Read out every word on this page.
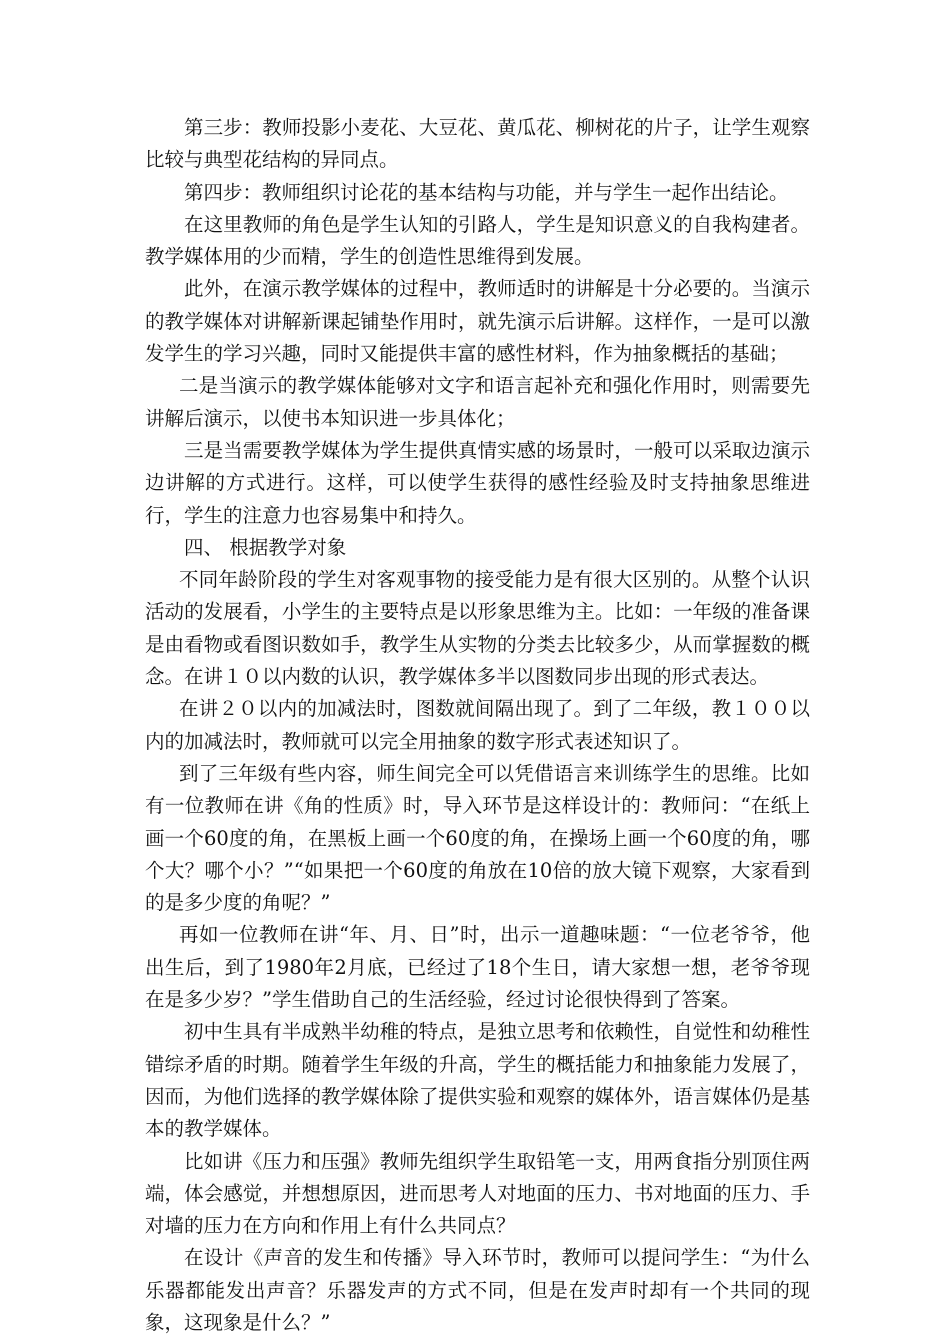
第三步：教师投影小麦花、大豆花、黄瓜花、柳树花的片子，让学生观察比较与典型花结构的异同点。

第四步：教师组织讨论花的基本结构与功能，并与学生一起作出结论。

在这里教师的角色是学生认知的引路人，学生是知识意义的自我构建者。教学媒体用的少而精，学生的创造性思维得到发展。

此外，在演示教学媒体的过程中，教师适时的讲解是十分必要的。当演示的教学媒体对讲解新课起铺垫作用时，就先演示后讲解。这样作，一是可以激发学生的学习兴趣，同时又能提供丰富的感性材料，作为抽象概括的基础；

二是当演示的教学媒体能够对文字和语言起补充和强化作用时，则需要先讲解后演示，以使书本知识进一步具体化；

三是当需要教学媒体为学生提供真情实感的场景时，一般可以采取边演示边讲解的方式进行。这样，可以使学生获得的感性经验及时支持抽象思维进行，学生的注意力也容易集中和持久。

四、 根据教学对象

不同年龄阶段的学生对客观事物的接受能力是有很大区别的。从整个认识活动的发展看，小学生的主要特点是以形象思维为主。比如：一年级的准备课是由看物或看图识数如手，教学生从实物的分类去比较多少，从而掌握数的概念。在讲１０以内数的认识，教学媒体多半以图数同步出现的形式表达。

在讲２０以内的加减法时，图数就间隔出现了。到了二年级，教１００以内的加减法时，教师就可以完全用抽象的数字形式表述知识了。

到了三年级有些内容，师生间完全可以凭借语言来训练学生的思维。比如有一位教师在讲《角的性质》时，导入环节是这样设计的：教师问：“在纸上画一个60度的角，在黑板上画一个60度的角，在操场上画一个60度的角，哪个大？哪个小？”“如果把一个60度的角放在10倍的放大镜下观察，大家看到的是多少度的角呢？”

再如一位教师在讲“年、月、日”时，出示一道趣味题：“一位老爷爷，他出生后，到了1980年2月底，已经过了18个生日，请大家想一想，老爷爷现在是多少岁？”学生借助自己的生活经验，经过讨论很快得到了答案。

初中生具有半成熟半幼稚的特点，是独立思考和依赖性，自觉性和幼稚性错综矛盾的时期。随着学生年级的升高，学生的概括能力和抽象能力发展了，因而，为他们选择的教学媒体除了提供实验和观察的媒体外，语言媒体仍是基本的教学媒体。

比如讲《压力和压强》教师先组织学生取铅笔一支，用两食指分别顶住两端，体会感觉，并想想原因，进而思考人对地面的压力、书对地面的压力、手对墙的压力在方向和作用上有什么共同点？

在设计《声音的发生和传播》导入环节时，教师可以提问学生：“为什么乐器都能发出声音？乐器发声的方式不同，但是在发声时却有一个共同的现象，这现象是什么？”
